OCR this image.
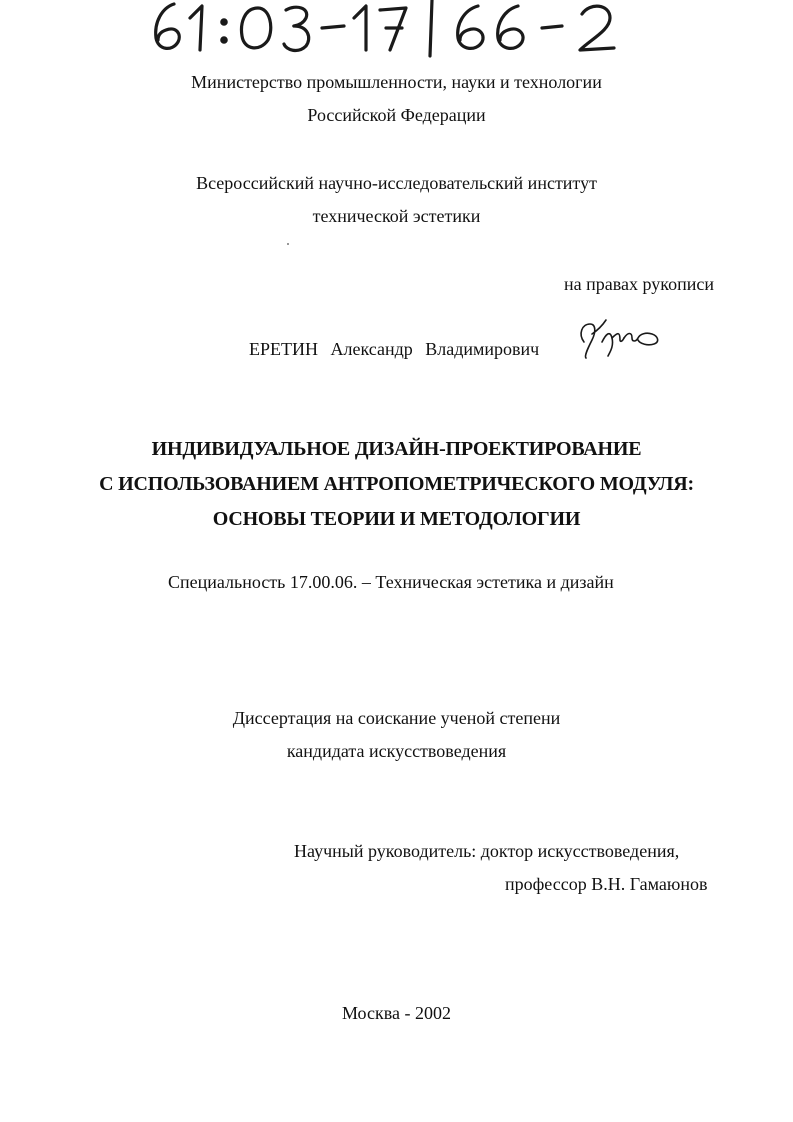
Министерство промышленности, науки и технологии
Российской Федерации
Всероссийский научно-исследовательский институт
технической эстетики
на правах рукописи
ЕРЕТИН Александр Владимирович
ИНДИВИДУАЛЬНОЕ ДИЗАЙН-ПРОЕКТИРОВАНИЕ
С ИСПОЛЬЗОВАНИЕМ АНТРОПОМЕТРИЧЕСКОГО МОДУЛЯ:
ОСНОВЫ ТЕОРИИ И МЕТОДОЛОГИИ
Специальность 17.00.06. – Техническая эстетика и дизайн
Диссертация на соискание ученой степени
кандидата искусствоведения
Научный руководитель: доктор искусствоведения,
профессор В.Н. Гамаюнов
Москва - 2002
